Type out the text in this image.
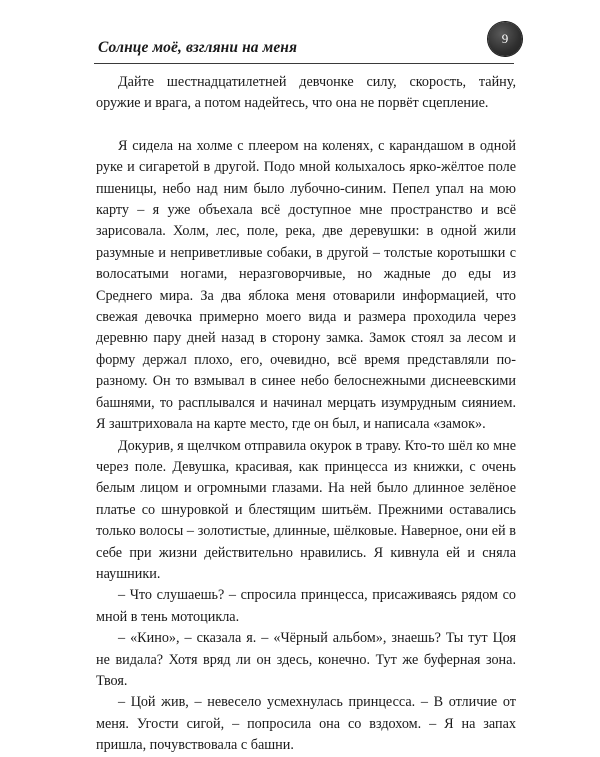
Солнце моё, взгляни на меня
9

Дайте шестнадцатилетней девчонке силу, скорость, тайну, оружие и врага, а потом надейтесь, что она не порвёт сцепление.

Я сидела на холме с плеером на коленях, с карандашом в одной руке и сигаретой в другой. Подо мной колыхалось ярко-жёлтое поле пшеницы, небо над ним было лубочно-синим. Пепел упал на мою карту – я уже объехала всё доступное мне пространство и всё зарисовала. Холм, лес, поле, река, две деревушки: в одной жили разумные и неприветливые собаки, в другой – толстые коротышки с волосатыми ногами, неразговорчивые, но жадные до еды из Среднего мира. За два яблока меня отоварили информацией, что свежая девочка примерно моего вида и размера проходила через деревню пару дней назад в сторону замка. Замок стоял за лесом и форму держал плохо, его, очевидно, всё время представляли по-разному. Он то взмывал в синее небо белоснежными диснеевскими башнями, то расплывался и начинал мерцать изумрудным сиянием. Я заштриховала на карте место, где он был, и написала «замок».

Докурив, я щелчком отправила окурок в траву. Кто-то шёл ко мне через поле. Девушка, красивая, как принцесса из книжки, с очень белым лицом и огромными глазами. На ней было длинное зелёное платье со шнуровкой и блестящим шитьём. Прежними оставались только волосы – золотистые, длинные, шёлковые. Наверное, они ей в себе при жизни действительно нравились. Я кивнула ей и сняла наушники.

– Что слушаешь? – спросила принцесса, присаживаясь рядом со мной в тень мотоцикла.

– «Кино», – сказала я. – «Чёрный альбом», знаешь? Ты тут Цоя не видала? Хотя вряд ли он здесь, конечно. Тут же буферная зона. Твоя.

– Цой жив, – невесело усмехнулась принцесса. – В отличие от меня. Угости сигой, – попросила она со вздохом. – Я на запах пришла, почувствовала с башни.
